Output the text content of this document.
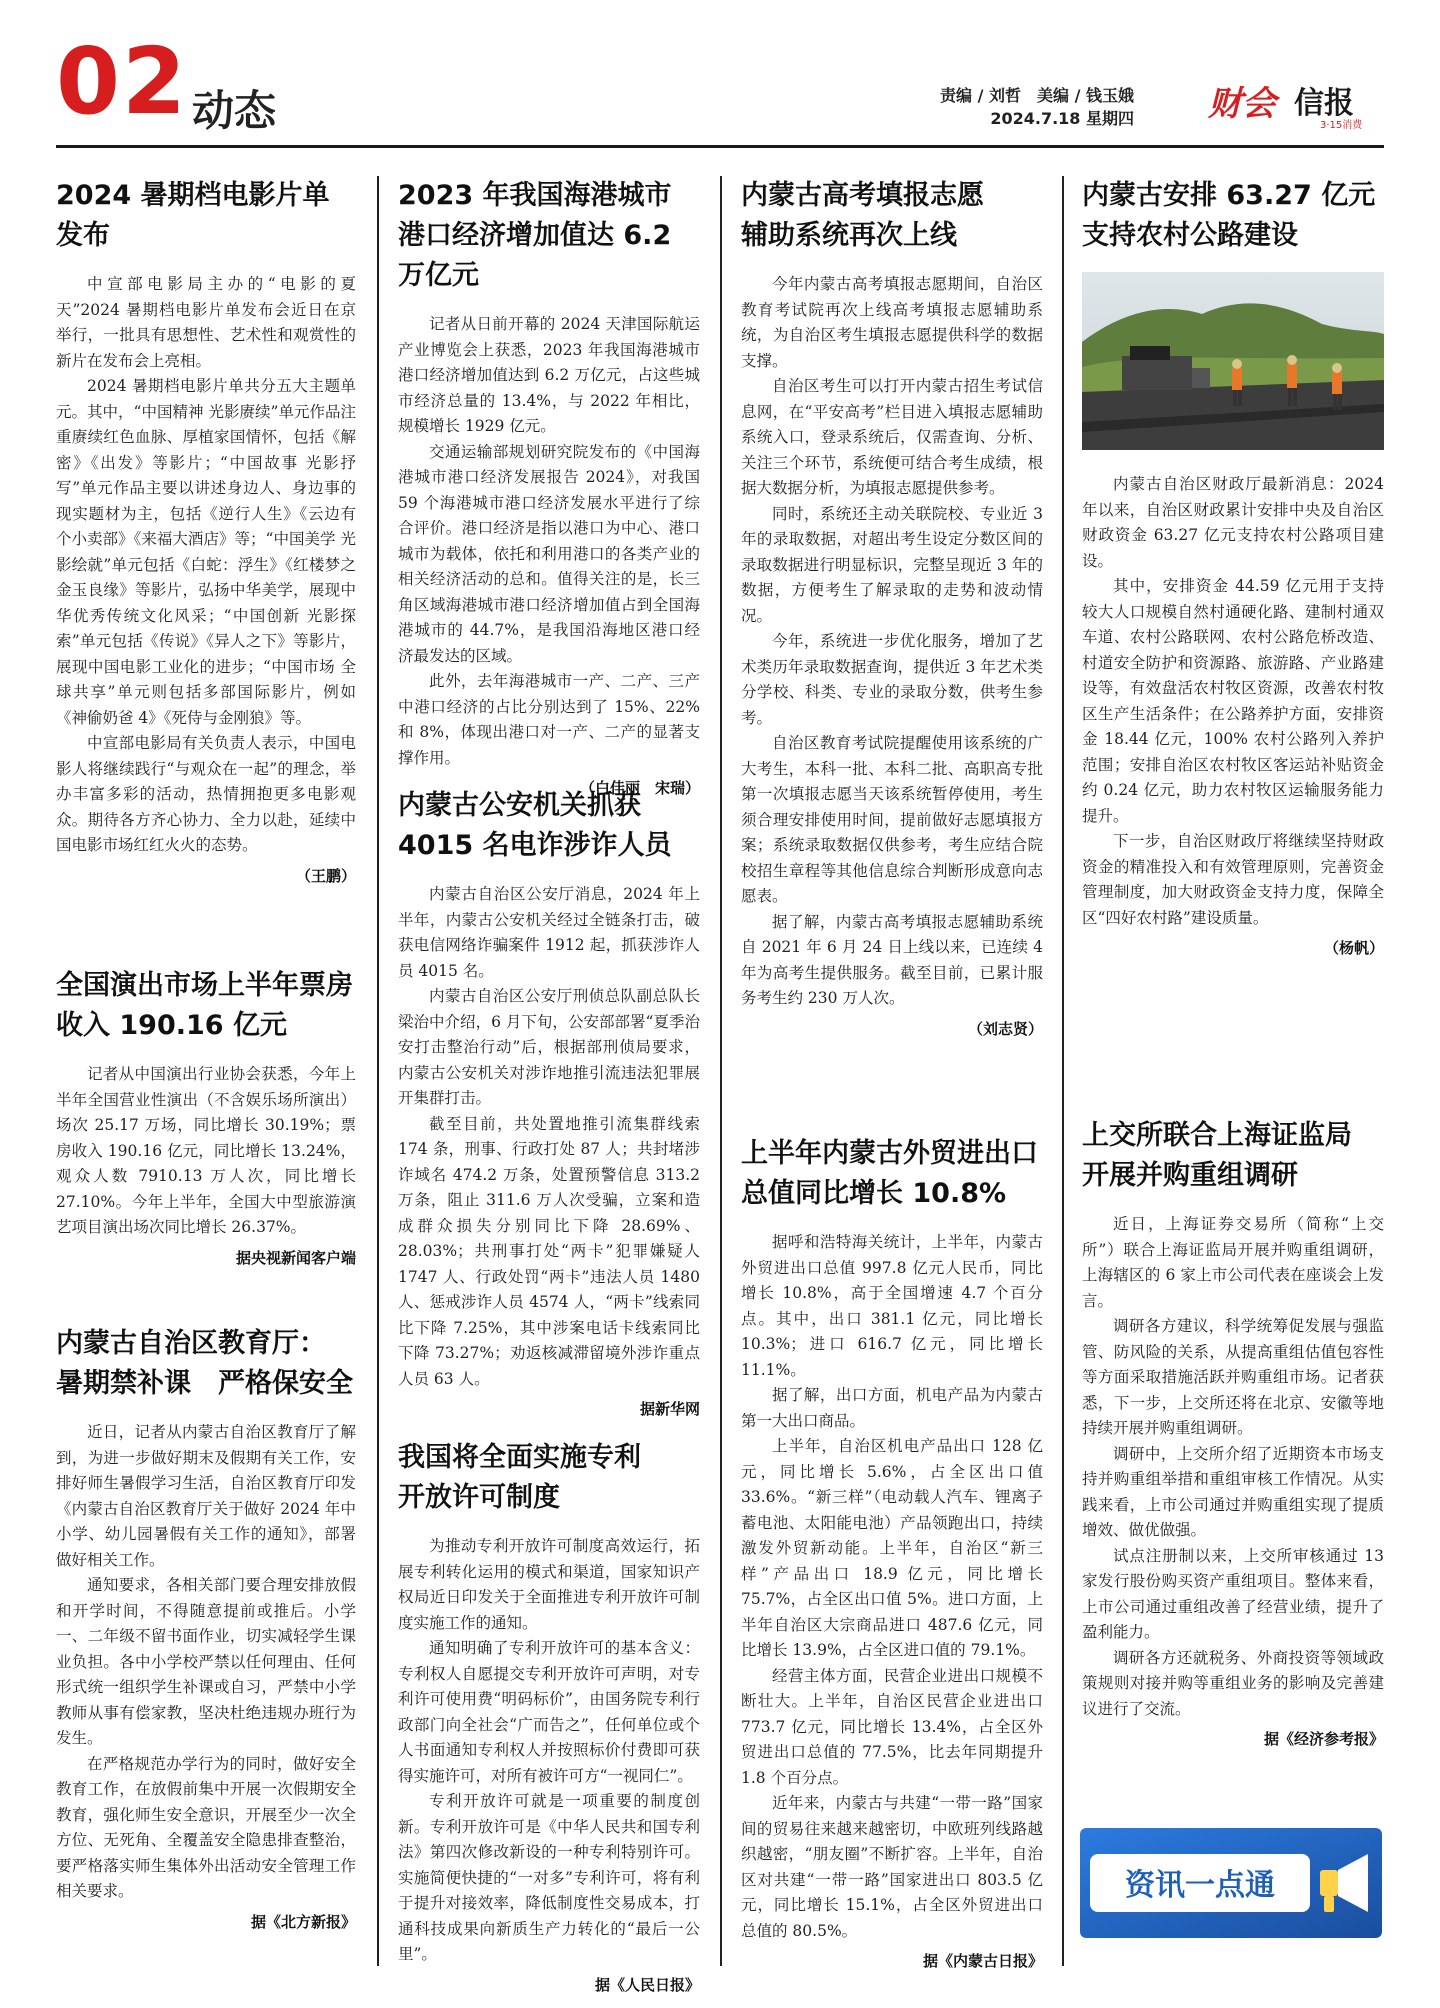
02 动态	责编 / 刘哲　美编 / 钱玉娥
2024.7.18 星期四 财会 信报
3·15消费
2024 暑期档电影片单发布

中宣部电影局主办的“电影的夏天”2024 暑期档电影片单发布会近日在京举行，一批具有思想性、艺术性和观赏性的新片在发布会上亮相。

2024 暑期档电影片单共分五大主题单元。其中，“中国精神 光影赓续”单元作品注重赓续红色血脉、厚植家国情怀，包括《解密》《出发》等影片；“中国故事 光影抒写”单元作品主要以讲述身边人、身边事的现实题材为主，包括《逆行人生》《云边有个小卖部》《来福大酒店》等；“中国美学 光影绘就”单元包括《白蛇：浮生》《红楼梦之金玉良缘》等影片，弘扬中华美学，展现中华优秀传统文化风采；“中国创新 光影探索”单元包括《传说》《异人之下》等影片，展现中国电影工业化的进步；“中国市场 全球共享”单元则包括多部国际影片，例如《神偷奶爸 4》《死侍与金刚狼》等。

中宣部电影局有关负责人表示，中国电影人将继续践行“与观众在一起”的理念，举办丰富多彩的活动，热情拥抱更多电影观众。期待各方齐心协力、全力以赴，延续中国电影市场红红火火的态势。

（王鹏）
全国演出市场上半年票房
收入 190.16 亿元

记者从中国演出行业协会获悉，今年上半年全国营业性演出（不含娱乐场所演出）场次 25.17 万场，同比增长 30.19%；票房收入 190.16 亿元，同比增长 13.24%，观众人数 7910.13 万人次，同比增长 27.10%。今年上半年，全国大中型旅游演艺项目演出场次同比增长 26.37%。

据央视新闻客户端
内蒙古自治区教育厅：
暑期禁补课　严格保安全

近日，记者从内蒙古自治区教育厅了解到，为进一步做好期末及假期有关工作，安排好师生暑假学习生活，自治区教育厅印发《内蒙古自治区教育厅关于做好 2024 年中小学、幼儿园暑假有关工作的通知》，部署做好相关工作。

通知要求，各相关部门要合理安排放假和开学时间，不得随意提前或推后。小学一、二年级不留书面作业，切实减轻学生课业负担。各中小学校严禁以任何理由、任何形式统一组织学生补课或自习，严禁中小学教师从事有偿家教，坚决杜绝违规办班行为发生。

在严格规范办学行为的同时，做好安全教育工作，在放假前集中开展一次假期安全教育，强化师生安全意识，开展至少一次全方位、无死角、全覆盖安全隐患排查整治，要严格落实师生集体外出活动安全管理工作相关要求。

据《北方新报》
2023 年我国海港城市
港口经济增加值达 6.2 万亿元

记者从日前开幕的 2024 天津国际航运产业博览会上获悉，2023 年我国海港城市港口经济增加值达到 6.2 万亿元，占这些城市经济总量的 13.4%，与 2022 年相比，规模增长 1929 亿元。

交通运输部规划研究院发布的《中国海港城市港口经济发展报告 2024》，对我国 59 个海港城市港口经济发展水平进行了综合评价。港口经济是指以港口为中心、港口城市为载体，依托和利用港口的各类产业的相关经济活动的总和。值得关注的是，长三角区域海港城市港口经济增加值占到全国海港城市的 44.7%，是我国沿海地区港口经济最发达的区域。

此外，去年海港城市一产、二产、三产中港口经济的占比分别达到了 15%、22% 和 8%，体现出港口对一产、二产的显著支撑作用。

（白佳丽　宋瑞）
内蒙古公安机关抓获
4015 名电诈涉诈人员

内蒙古自治区公安厅消息，2024 年上半年，内蒙古公安机关经过全链条打击，破获电信网络诈骗案件 1912 起，抓获涉诈人员 4015 名。

内蒙古自治区公安厅刑侦总队副总队长梁治中介绍，6 月下旬，公安部部署“夏季治安打击整治行动”后，根据部刑侦局要求，内蒙古公安机关对涉诈地推引流违法犯罪展开集群打击。

截至目前，共处置地推引流集群线索 174 条，刑事、行政打处 87 人；共封堵涉诈域名 474.2 万条，处置预警信息 313.2 万条，阻止 311.6 万人次受骗，立案和造成群众损失分别同比下降 28.69%、28.03%；共刑事打处“两卡”犯罪嫌疑人 1747 人、行政处罚“两卡”违法人员 1480 人、惩戒涉诈人员 4574 人，“两卡”线索同比下降 7.25%，其中涉案电话卡线索同比下降 73.27%；劝返核减滞留境外涉诈重点人员 63 人。

据新华网
我国将全面实施专利
开放许可制度

为推动专利开放许可制度高效运行，拓展专利转化运用的模式和渠道，国家知识产权局近日印发关于全面推进专利开放许可制度实施工作的通知。

通知明确了专利开放许可的基本含义：专利权人自愿提交专利开放许可声明，对专利许可使用费“明码标价”，由国务院专利行政部门向全社会“广而告之”，任何单位或个人书面通知专利权人并按照标价付费即可获得实施许可，对所有被许可方“一视同仁”。

专利开放许可就是一项重要的制度创新。专利开放许可是《中华人民共和国专利法》第四次修改新设的一种专利特别许可。实施简便快捷的“一对多”专利许可，将有利于提升对接效率，降低制度性交易成本，打通科技成果向新质生产力转化的“最后一公里”。

据《人民日报》
内蒙古高考填报志愿
辅助系统再次上线

今年内蒙古高考填报志愿期间，自治区教育考试院再次上线高考填报志愿辅助系统，为自治区考生填报志愿提供科学的数据支撑。

自治区考生可以打开内蒙古招生考试信息网，在“平安高考”栏目进入填报志愿辅助系统入口，登录系统后，仅需查询、分析、关注三个环节，系统便可结合考生成绩，根据大数据分析，为填报志愿提供参考。

同时，系统还主动关联院校、专业近 3 年的录取数据，对超出考生设定分数区间的录取数据进行明显标识，完整呈现近 3 年的数据，方便考生了解录取的走势和波动情况。

今年，系统进一步优化服务，增加了艺术类历年录取数据查询，提供近 3 年艺术类分学校、科类、专业的录取分数，供考生参考。

自治区教育考试院提醒使用该系统的广大考生，本科一批、本科二批、高职高专批第一次填报志愿当天该系统暂停使用，考生须合理安排使用时间，提前做好志愿填报方案；系统录取数据仅供参考，考生应结合院校招生章程等其他信息综合判断形成意向志愿表。

据了解，内蒙古高考填报志愿辅助系统自 2021 年 6 月 24 日上线以来，已连续 4 年为高考生提供服务。截至目前，已累计服务考生约 230 万人次。

（刘志贤）
上半年内蒙古外贸进出口
总值同比增长 10.8%

据呼和浩特海关统计，上半年，内蒙古外贸进出口总值 997.8 亿元人民币，同比增长 10.8%，高于全国增速 4.7 个百分点。其中，出口 381.1 亿元，同比增长 10.3%；进口 616.7 亿元，同比增长 11.1%。

据了解，出口方面，机电产品为内蒙古第一大出口商品。

上半年，自治区机电产品出口 128 亿元，同比增长 5.6%，占全区出口值 33.6%。“新三样”（电动载人汽车、锂离子蓄电池、太阳能电池）产品领跑出口，持续激发外贸新动能。上半年，自治区“新三样”产品出口 18.9 亿元，同比增长 75.7%，占全区出口值 5%。进口方面，上半年自治区大宗商品进口 487.6 亿元，同比增长 13.9%，占全区进口值的 79.1%。

经营主体方面，民营企业进出口规模不断壮大。上半年，自治区民营企业进出口 773.7 亿元，同比增长 13.4%，占全区外贸进出口总值的 77.5%，比去年同期提升 1.8 个百分点。

近年来，内蒙古与共建“一带一路”国家间的贸易往来越来越密切，中欧班列线路越织越密，“朋友圈”不断扩容。上半年，自治区对共建“一带一路”国家进出口 803.5 亿元，同比增长 15.1%，占全区外贸进出口总值的 80.5%。

据《内蒙古日报》
内蒙古安排 63.27 亿元
支持农村公路建设

内蒙古自治区财政厅最新消息：2024 年以来，自治区财政累计安排中央及自治区财政资金 63.27 亿元支持农村公路项目建设。

其中，安排资金 44.59 亿元用于支持较大人口规模自然村通硬化路、建制村通双车道、农村公路联网、农村公路危桥改造、村道安全防护和资源路、旅游路、产业路建设等，有效盘活农村牧区资源，改善农村牧区生产生活条件；在公路养护方面，安排资金 18.44 亿元，100% 农村公路列入养护范围；安排自治区农村牧区客运站补贴资金约 0.24 亿元，助力农村牧区运输服务能力提升。

下一步，自治区财政厅将继续坚持财政资金的精准投入和有效管理原则，完善资金管理制度，加大财政资金支持力度，保障全区“四好农村路”建设质量。

（杨帆）
上交所联合上海证监局
开展并购重组调研

近日，上海证券交易所（简称“上交所”）联合上海证监局开展并购重组调研，上海辖区的 6 家上市公司代表在座谈会上发言。

调研各方建议，科学统筹促发展与强监管、防风险的关系，从提高重组估值包容性等方面采取措施活跃并购重组市场。记者获悉，下一步，上交所还将在北京、安徽等地持续开展并购重组调研。

调研中，上交所介绍了近期资本市场支持并购重组举措和重组审核工作情况。从实践来看，上市公司通过并购重组实现了提质增效、做优做强。

试点注册制以来，上交所审核通过 13 家发行股份购买资产重组项目。整体来看，上市公司通过重组改善了经营业绩，提升了盈利能力。

调研各方还就税务、外商投资等领域政策规则对接并购等重组业务的影响及完善建议进行了交流。

据《经济参考报》
资讯一点通
